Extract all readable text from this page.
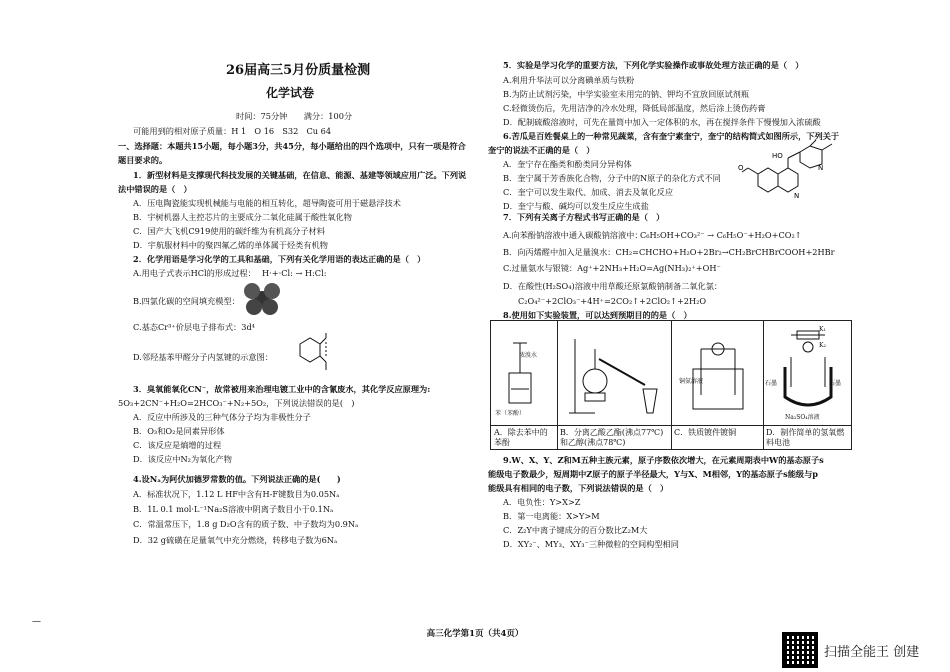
26届高三5月份质量检测
化学试卷
时间：75分钟　　满分：100分
可能用到的相对原子质量：H 1　O 16　S32　Cu 64
一、选择题：本题共15小题，每小题3分，共45分，每小题给出的四个选项中，只有一项是符合
题目要求的。
1．新型材料是支撑现代科技发展的关键基础，在信息、能源、基建等领域应用广泛。下列说
法中错误的是（　）
A．压电陶瓷能实现机械能与电能的相互转化，超导陶瓷可用于磁悬浮技术
B．宇树机器人主控芯片的主要成分二氧化硅属于酸性氧化物
C．国产大飞机C919使用的碳纤维为有机高分子材料
D．宇航服材料中的聚四氟乙烯的单体属于烃类有机物
2．化学用语是学习化学的工具和基础，下列有关化学用语的表达正确的是（　）
A.用电子式表示HCl的形成过程： H·+·Cl: → H:Cl:
B.四氯化碳的空间填充模型：
C.基态Cr³⁺价层电子排布式：3d⁴
D.邻羟基苯甲醛分子内氢键的示意图：
3．臭氧能氧化CN⁻，故常被用来治理电镀工业中的含氰废水，其化学反应原理为:
5O₃+2CN⁻+H₂O=2HCO₃⁻+N₂+5O₂，下列说法错误的是(　)
A．反应中所涉及的三种气体分子均为非极性分子
B．O₃和O₂是同素异形体
C．该反应是熵增的过程
D．该反应中N₂为氧化产物
4.设Nₐ为阿伏加德罗常数的值。下列说法正确的是(　　)
A．标准状况下，1.12 L HF中含有H-F键数目为0.05Nₐ
B．1L 0.1 mol·L⁻¹Na₂S溶液中阴离子数目小于0.1Nₐ
C．常温常压下，1.8 g D₂O含有的质子数、中子数均为0.9Nₐ
D．32 g硫磺在足量氧气中充分燃烧，转移电子数为6Nₐ
5．实验是学习化学的重要方法，下列化学实验操作或事故处理方法正确的是（　）
A.利用升华法可以分离碘单质与铁粉
B.为防止试剂污染，中学实验室未用完的钠、钾均不宜放回原试剂瓶
C.轻微烫伤后，先用洁净的冷水处理，降低局部温度，然后涂上烫伤药膏
D．配制硫酸溶液时，可先在量筒中加入一定体积的水，再在搅拌条件下慢慢加入浓硫酸
6.苦瓜是百姓餐桌上的一种常见蔬菜，含有奎宁素奎宁，奎宁的结构简式如图所示，下列关于
奎宁的说法不正确的是（　）
A．奎宁存在酯类和酚类同分异构体
B．奎宁属于芳香族化合物，分子中的N原子的杂化方式不同
C．奎宁可以发生取代、加成、消去及氧化反应
D．奎宁与酸、碱均可以发生反应生成盐
HO
O
N
N
7．下列有关离子方程式书写正确的是（　）
A.向苯酚钠溶液中通入碳酸钠溶液中：
C₆H₅OH+CO₃²⁻ → C₆H₅O⁻+H₂O+CO₂↑
B．向丙烯醛中加入足量溴水：CH₂=CHCHO+H₂O+2Br₂→CH₂BrCHBrCOOH+2HBr
C.过量氨水与银镜：Ag⁺+2NH₃+H₂O=Ag(NH₃)₂⁺+OH⁻
D．在酸性(H₂SO₄)溶液中用草酸还原氯酸钠制备二氧化氯：
C₂O₄²⁻+2ClO₃⁻+4H⁺=2CO₂↑+2ClO₂↑+2H₂O
8.使用如下实验装置，可以达到预期目的的是（　）
浓溴水
苯（苯酚）
A．除去苯中的苯酚
B．分离乙酸乙酯(沸点77℃)和乙醇(沸点78℃)
铜氨溶液
C．铁质镀件镀铜
K₁
K₂
石墨	石墨
Na₂SO₄溶液
D．制作简单的氢氧燃料电池
9.W、X、Y、Z和M五种主族元素，原子序数依次增大，在元素周期表中W的基态原子s
能级电子数最少，短周期中Z原子的原子半径最大，Y与X、M相邻，Y的基态原子s能级与p
能级具有相同的电子数，下列说法错误的是（　）
A．电负性：Y>X>Z
B．第一电离能：X>Y>M
C．Z₂Y中离子键成分的百分数比Z₂M大
D．XY₂⁻、MY₃、XY₃⁻三种微粒的空间构型相同
高三化学第1页（共4页）
—
扫描全能王 创建
